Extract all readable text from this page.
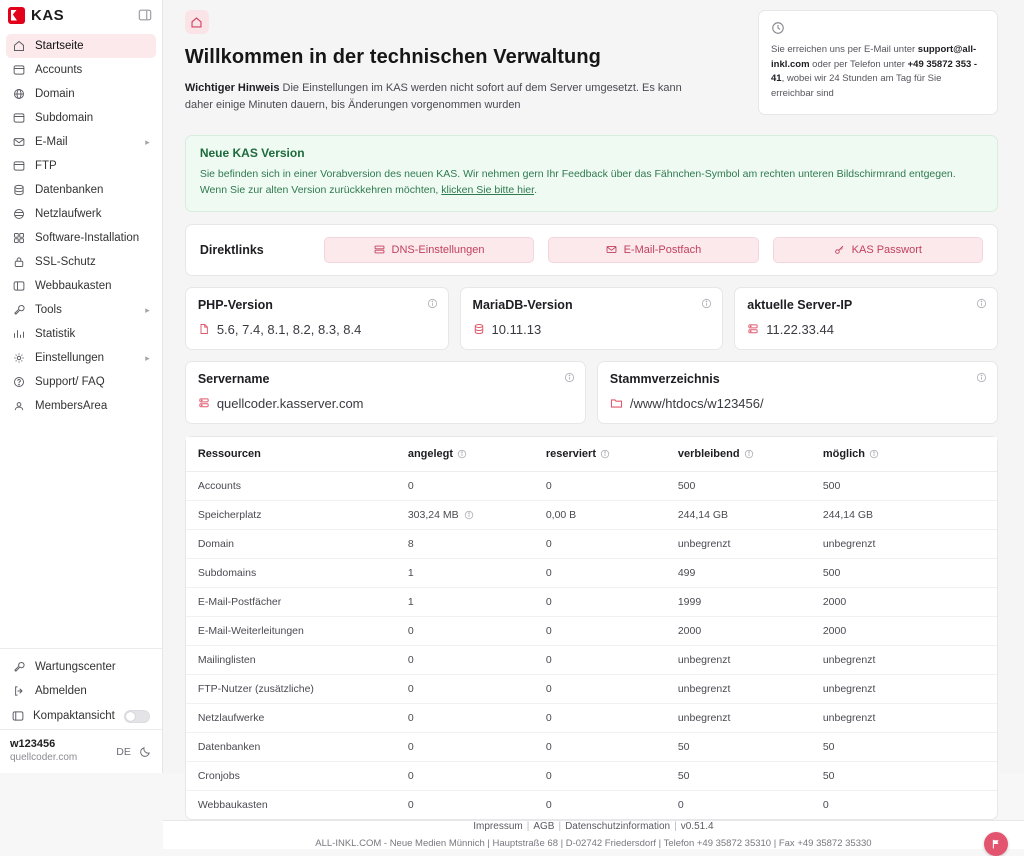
KAS
Startseite
Accounts
Domain
Subdomain
E-Mail	▸
FTP
Datenbanken
Netzlaufwerk
Software-Installation
SSL-Schutz
Webbaukasten
Tools	▸
Statistik
Einstellungen	▸
Support/ FAQ
MembersArea
Wartungscenter
Abmelden
Kompaktansicht
w123456
quellcoder.com
DE
Sie erreichen uns per E-Mail unter support@all-inkl.com oder per Telefon unter +49 35872 353 - 41, wobei wir 24 Stunden am Tag für Sie erreichbar sind
Willkommen in der technischen Verwaltung
Wichtiger Hinweis Die Einstellungen im KAS werden nicht sofort auf dem Server umgesetzt. Es kann daher einige Minuten dauern, bis Änderungen vorgenommen wurden
Neue KAS Version

Sie befinden sich in einer Vorabversion des neuen KAS. Wir nehmen gern Ihr Feedback über das Fähnchen-Symbol am rechten unteren Bildschirmrand entgegen. Wenn Sie zur alten Version zurückkehren möchten, klicken Sie bitte hier.

Direktlinks	DNS-Einstellungen	E-Mail-Postfach	KAS Passwort
PHP-Version
5.6, 7.4, 8.1, 8.2, 8.3, 8.4
MariaDB-Version
10.11.13
aktuelle Server-IP
11.22.33.44
Servername
quellcoder.kasserver.com
Stammverzeichnis
/www/htdocs/w123456/
Ressourcen	angelegt	reserviert	verbleibend	möglich

Accounts	0	0	500	500
Speicherplatz	303,24 MB	0,00 B	244,14 GB	244,14 GB
Domain	8	0	unbegrenzt	unbegrenzt
Subdomains	1	0	499	500
E-Mail-Postfächer	1	0	1999	2000
E-Mail-Weiterleitungen	0	0	2000	2000
Mailinglisten	0	0	unbegrenzt	unbegrenzt
FTP-Nutzer (zusätzliche)	0	0	unbegrenzt	unbegrenzt
Netzlaufwerke	0	0	unbegrenzt	unbegrenzt
Datenbanken	0	0	50	50
Cronjobs	0	0	50	50
Webbaukasten	0	0	0	0
Impressum | AGB | Datenschutzinformation | v0.51.4
ALL-INKL.COM - Neue Medien Münnich | Hauptstraße 68 | D-02742 Friedersdorf | Telefon +49 35872 35310 | Fax +49 35872 35330
